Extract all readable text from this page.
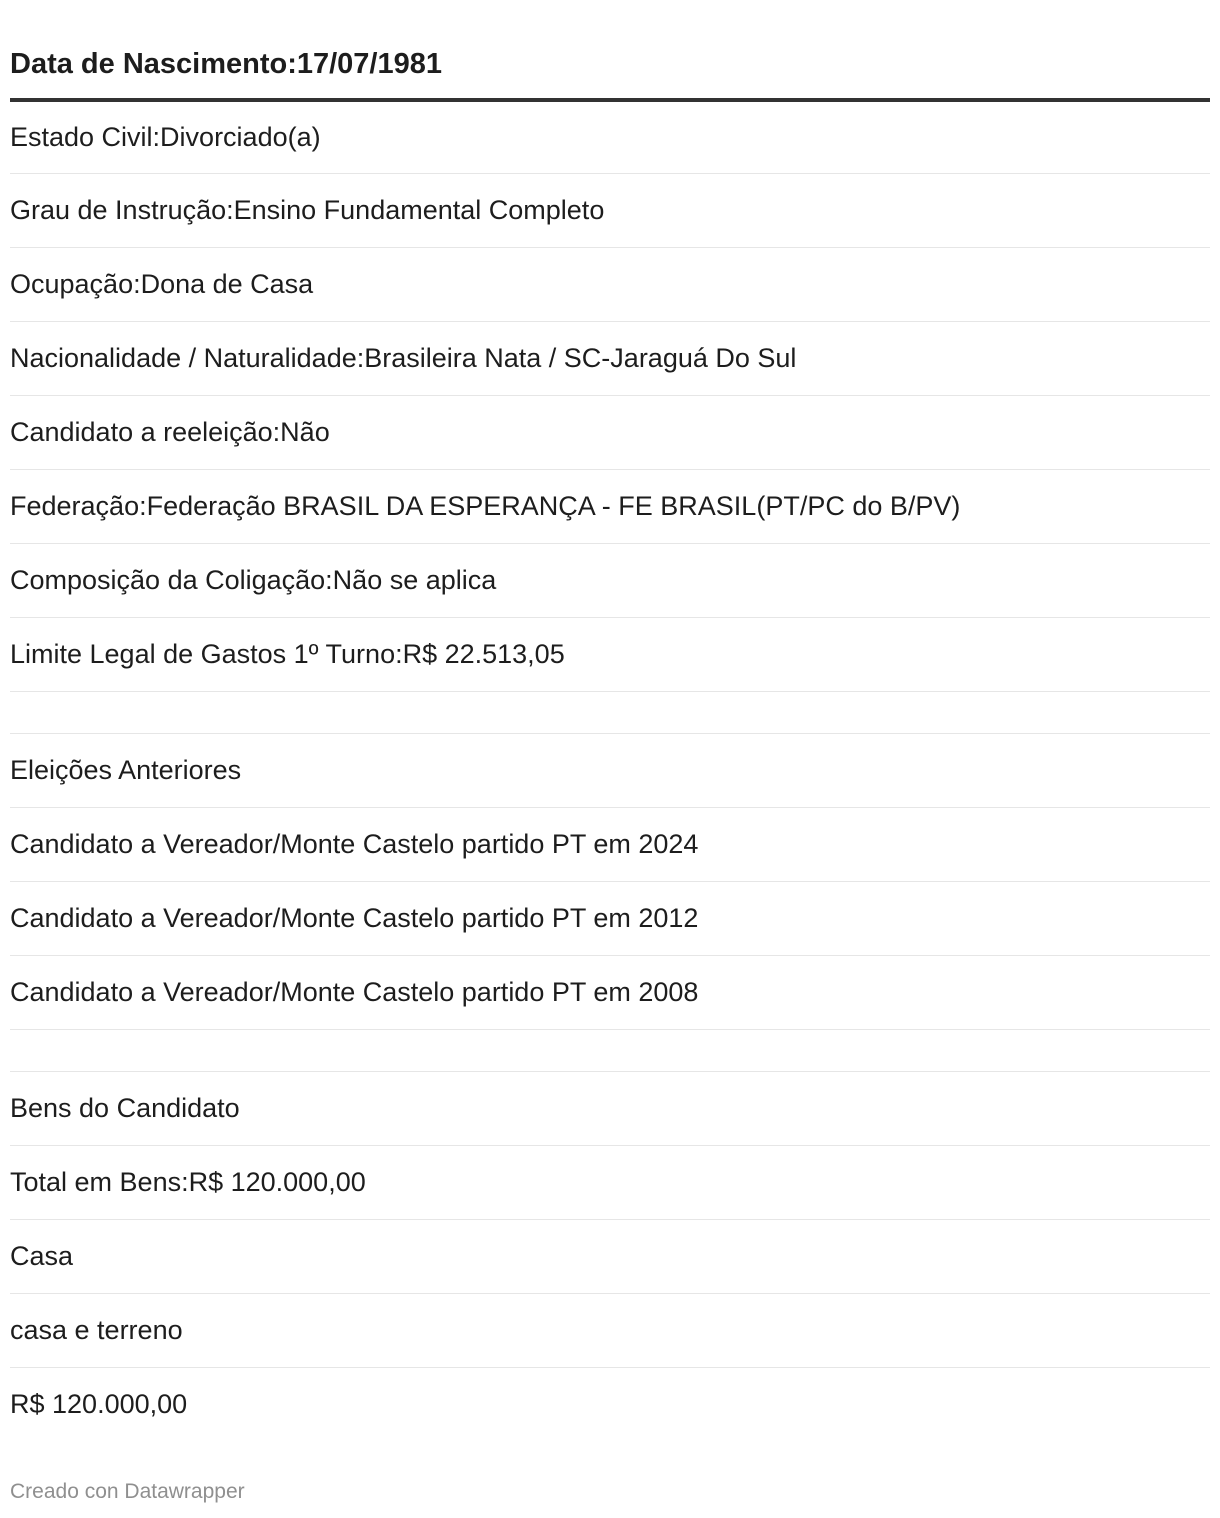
Data de Nascimento:17/07/1981
Estado Civil:Divorciado(a)
Grau de Instrução:Ensino Fundamental Completo
Ocupação:Dona de Casa
Nacionalidade / Naturalidade:Brasileira Nata / SC-Jaraguá Do Sul
Candidato a reeleição:Não
Federação:Federação BRASIL DA ESPERANÇA - FE BRASIL(PT/PC do B/PV)
Composição da Coligação:Não se aplica
Limite Legal de Gastos 1º Turno:R$ 22.513,05
Eleições Anteriores
Candidato a Vereador/Monte Castelo partido PT em 2024
Candidato a Vereador/Monte Castelo partido PT em 2012
Candidato a Vereador/Monte Castelo partido PT em 2008
Bens do Candidato
Total em Bens:R$ 120.000,00
Casa
casa e terreno
R$ 120.000,00
Creado con Datawrapper
